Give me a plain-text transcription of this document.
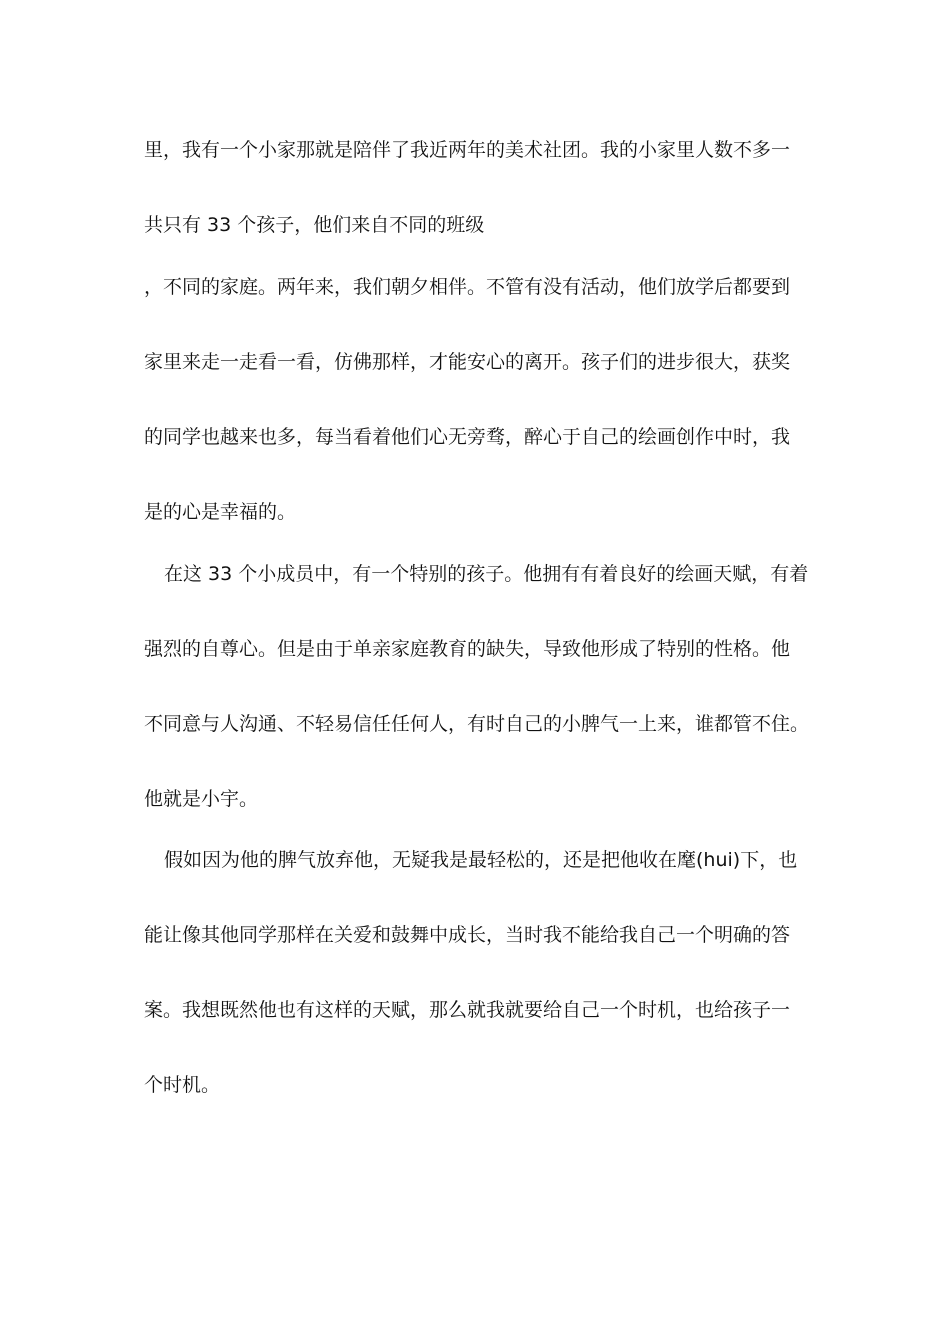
里，我有一个小家那就是陪伴了我近两年的美术社团。我的小家里人数不多一
共只有 33 个孩子，他们来自不同的班级
，不同的家庭。两年来，我们朝夕相伴。不管有没有活动，他们放学后都要到
家里来走一走看一看，仿佛那样，才能安心的离开。孩子们的进步很大，获奖
的同学也越来也多，每当看着他们心无旁骛，醉心于自己的绘画创作中时，我
是的心是幸福的。
在这 33 个小成员中，有一个特别的孩子。他拥有有着良好的绘画天赋，有着
强烈的自尊心。但是由于单亲家庭教育的缺失，导致他形成了特别的性格。他
不同意与人沟通、不轻易信任任何人，有时自己的小脾气一上来，谁都管不住。
他就是小宇。
假如因为他的脾气放弃他，无疑我是最轻松的，还是把他收在麾(hui)下，也
能让像其他同学那样在关爱和鼓舞中成长，当时我不能给我自己一个明确的答
案。我想既然他也有这样的天赋，那么就我就要给自己一个时机，也给孩子一
个时机。
